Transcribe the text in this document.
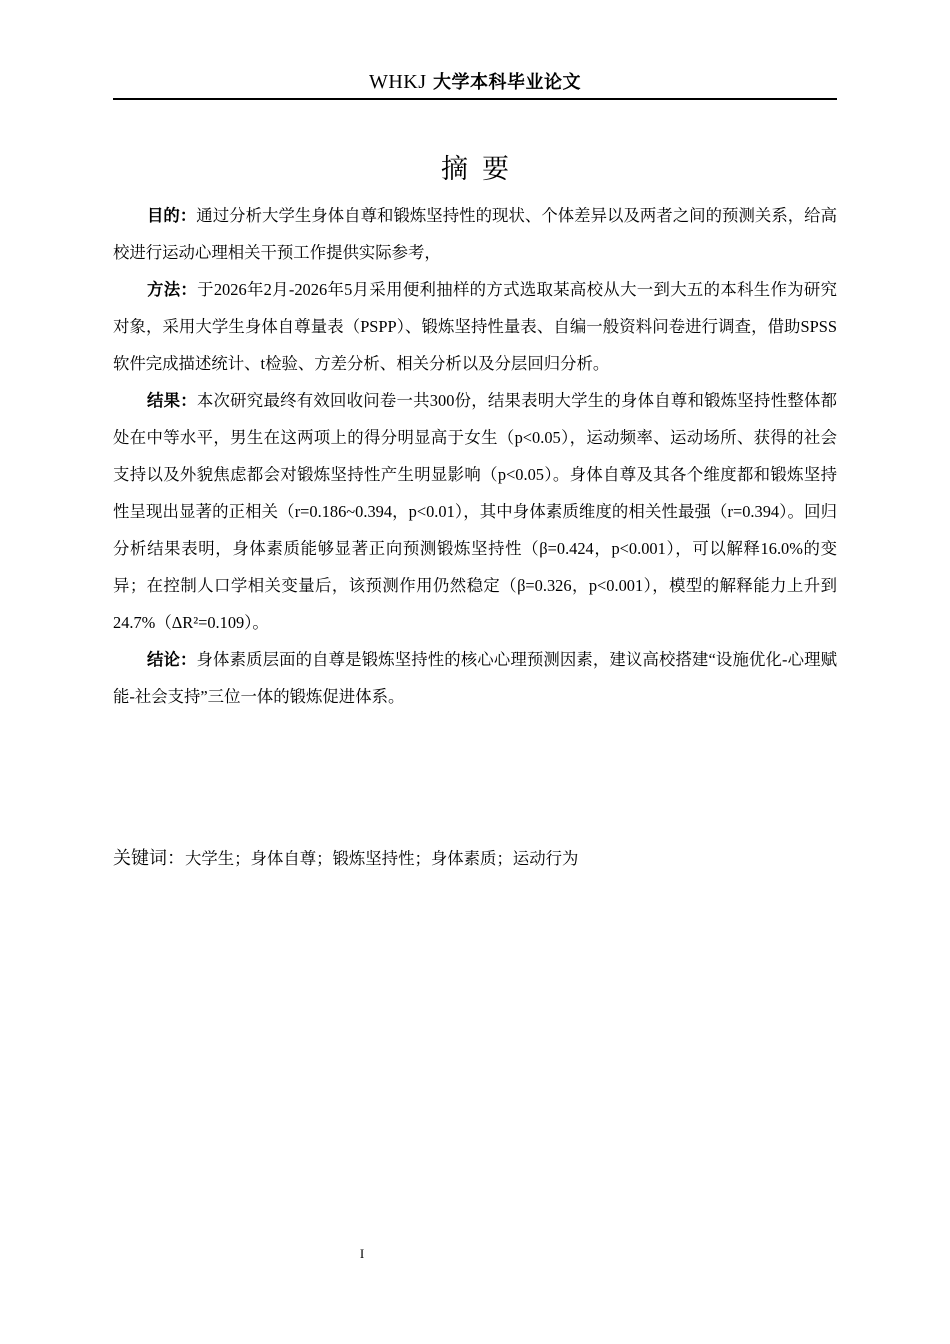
WHKJ 大学本科毕业论文
摘要

目的：通过分析大学生身体自尊和锻炼坚持性的现状、个体差异以及两者之间的预测关系，给高校进行运动心理相关干预工作提供实际参考，

方法：于2026年2月-2026年5月采用便利抽样的方式选取某高校从大一到大五的本科生作为研究对象，采用大学生身体自尊量表（PSPP）、锻炼坚持性量表、自编一般资料问卷进行调查，借助SPSS软件完成描述统计、t检验、方差分析、相关分析以及分层回归分析。

结果：本次研究最终有效回收问卷一共300份，结果表明大学生的身体自尊和锻炼坚持性整体都处在中等水平，男生在这两项上的得分明显高于女生（p<0.05），运动频率、运动场所、获得的社会支持以及外貌焦虑都会对锻炼坚持性产生明显影响（p<0.05）。身体自尊及其各个维度都和锻炼坚持性呈现出显著的正相关（r=0.186~0.394，p<0.01），其中身体素质维度的相关性最强（r=0.394）。回归分析结果表明，身体素质能够显著正向预测锻炼坚持性（β=0.424，p<0.001），可以解释16.0%的变异；在控制人口学相关变量后，该预测作用仍然稳定（β=0.326，p<0.001），模型的解释能力上升到24.7%（ΔR²=0.109）。

结论：身体素质层面的自尊是锻炼坚持性的核心心理预测因素，建议高校搭建“设施优化-心理赋能-社会支持”三位一体的锻炼促进体系。

关键词：大学生；身体自尊；锻炼坚持性；身体素质；运动行为
I
